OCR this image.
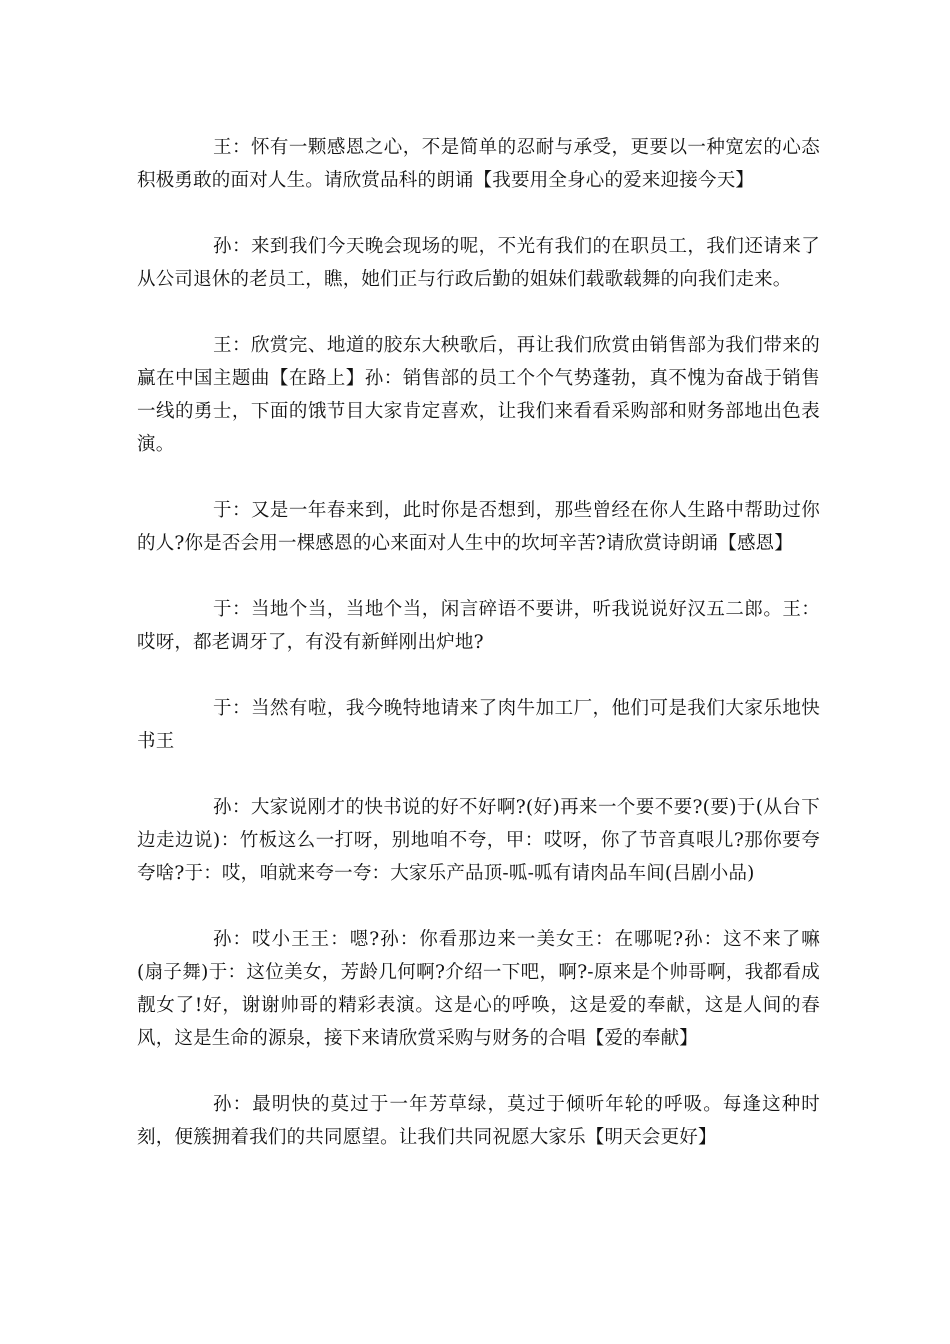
王：怀有一颗感恩之心，不是简单的忍耐与承受，更要以一种宽宏的心态积极勇敢的面对人生。请欣赏品科的朗诵【我要用全身心的爱来迎接今天】

孙：来到我们今天晚会现场的呢，不光有我们的在职员工，我们还请来了从公司退休的老员工，瞧，她们正与行政后勤的姐妹们载歌载舞的向我们走来。

王：欣赏完、地道的胶东大秧歌后，再让我们欣赏由销售部为我们带来的赢在中国主题曲【在路上】孙：销售部的员工个个气势蓬勃，真不愧为奋战于销售一线的勇士，下面的饿节目大家肯定喜欢，让我们来看看采购部和财务部地出色表演。

于：又是一年春来到，此时你是否想到，那些曾经在你人生路中帮助过你的人?你是否会用一棵感恩的心来面对人生中的坎坷辛苦?请欣赏诗朗诵【感恩】

于：当地个当，当地个当，闲言碎语不要讲，听我说说好汉五二郎。王：哎呀，都老调牙了，有没有新鲜刚出炉地?

于：当然有啦，我今晚特地请来了肉牛加工厂，他们可是我们大家乐地快书王

孙：大家说刚才的快书说的好不好啊?(好)再来一个要不要?(要)于(从台下边走边说)：竹板这么一打呀，别地咱不夸，甲：哎呀，你了节音真哏儿?那你要夸夸啥?于：哎，咱就来夸一夸：大家乐产品顶-呱-呱有请肉品车间(吕剧小品)

孙：哎小王王：嗯?孙：你看那边来一美女王：在哪呢?孙：这不来了嘛(扇子舞)于：这位美女，芳龄几何啊?介绍一下吧，啊?-原来是个帅哥啊，我都看成靓女了!好，谢谢帅哥的精彩表演。这是心的呼唤，这是爱的奉献，这是人间的春风，这是生命的源泉，接下来请欣赏采购与财务的合唱【爱的奉献】

孙：最明快的莫过于一年芳草绿，莫过于倾听年轮的呼吸。每逢这种时刻，便簇拥着我们的共同愿望。让我们共同祝愿大家乐【明天会更好】
